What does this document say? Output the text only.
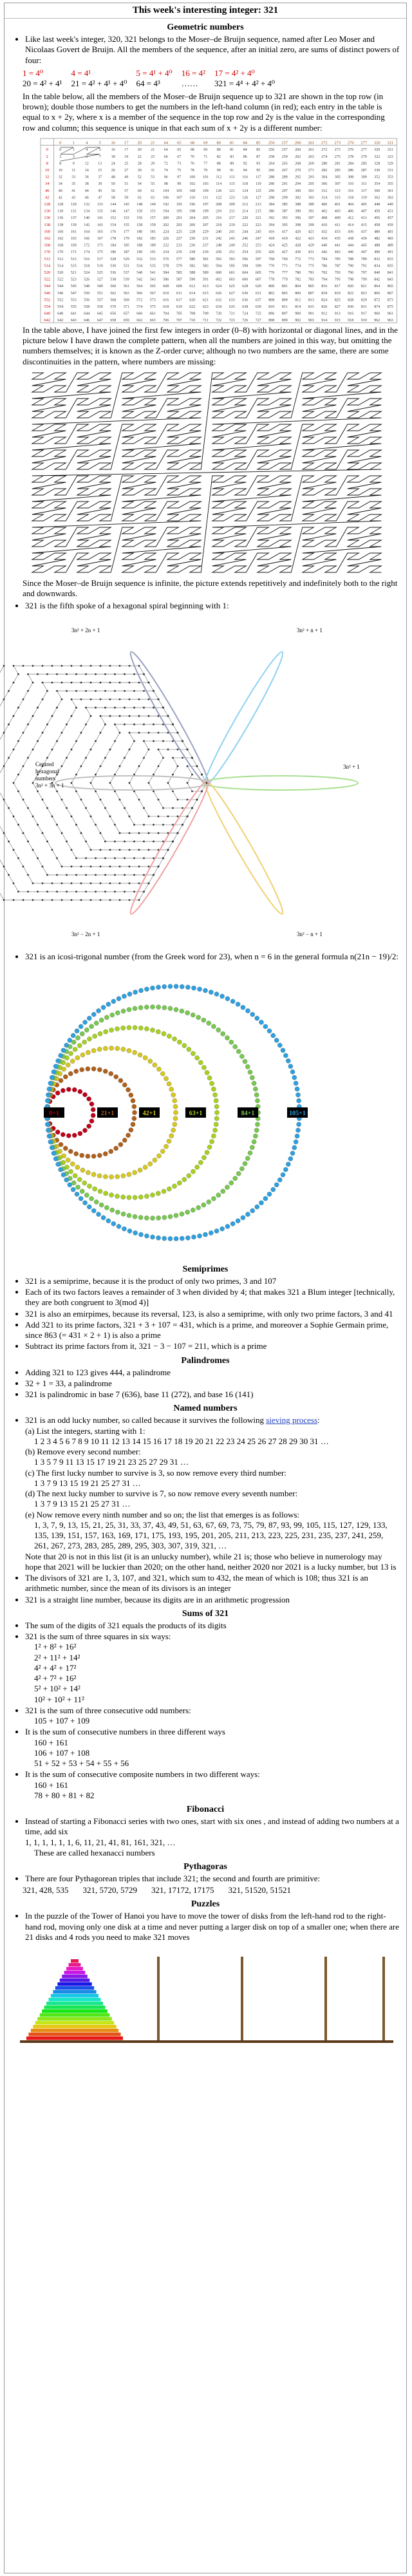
This week's interesting integer: 321
Geometric numbers
• Like last week's integer, 320, 321 belongs to the Moser–de Bruijn sequence, named after Leo Moser and Nicolaas Govert de Bruijn. All the members of the sequence, after an initial zero, are sums of distinct powers of four:
1 = 4⁰	4 = 4¹	5 = 4¹ + 4⁰ 16 = 4² 17 = 4² + 4⁰
20 = 4² + 4¹ 21 = 4² + 4¹ + 4⁰ 64 = 4³	……	321 = 4⁴ + 4² + 4⁰

In the table below, all the members of the Moser–de Bruijn sequence up to 321 are shown in the top row (in brown); double those numbers to get the numbers in the left-hand column (in red); each entry in the table is equal to x + 2y, where x is a member of the sequence in the top row and 2y is the value in the corresponding row and column; this sequence is unique in that each sum of x + 2y is a different number:

0	1	4	5 16 17 20 21 64 65 68 69 80 81 84 85 256 257 260 261 272 273 276 277 320 321
0	0	1	4	5	16 17 20 21 64 65 68 69 80 81 84 85 256 257 260 261 272 273 276 277 320 321
2	2	3	6	7	18 19 22 23 66 67 70 71 82 83 86 87 258 259 262 263 274 275 278 279 322 323
8	8	9	12 13 24 25 28 29 72 73 76 77 88 89 92 93 264 265 268 269 280 281 284 285 328 329
10 10 11 14 15 26 27 30 31 74 75 78 79 90 91 94 95 266 267 270 271 282 283 286 287 330 331
32 32 33 36 37 48 49 52 53 96 97 100 101 112 113 116 117 288 289 292 293 304 305 308 309 352 353
34 34 35 38 39 50 51 54 55 98 99 102 103 114 115 118 119 290 291 294 295 306 307 310 311 354 355
40 40 41 44 45 56 57 60 61 104 105 108 109 120 121 124 125 296 297 300 301 312 313 316 317 360 361
42 42 43 46 47 58 59 62 63 106 107 110 111 122 123 126 127 298 299 302 303 314 315 318 319 362 363
128 128 129 132 133 144 145 148 149 192 193 196 197 208 209 212 213 384 385 388 389 400 401 404 405 448 449
130 130 131 134 135 146 147 150 151 194 195 198 199 210 211 214 215 386 387 390 391 402 403 406 407 450 451
136 136 137 140 141 152 153 156 157 200 201 204 205 216 217 220 221 392 393 396 397 408 409 412 413 456 457
138 138 139 142 143 154 155 158 159 202 203 206 207 218 219 222 223 394 395 398 399 410 411 414 415 458 459
160 160 161 164 165 176 177 180 181 224 225 228 229 240 241 244 245 416 417 420 421 432 433 436 437 480 481
162 162 163 166 167 178 179 182 183 226 227 230 231 242 243 246 247 418 419 422 423 434 435 438 439 482 483
168 168 169 172 173 184 185 188 189 232 233 236 237 248 249 252 253 424 425 428 429 440 441 444 445 488 489
170 170 171 174 175 186 187 190 191 234 235 238 239 250 251 254 255 426 427 430 431 442 443 446 447 490 491
512 512 513 516 517 528 529 532 533 576 577 580 581 592 593 596 597 768 769 772 773 784 785 788 789 832 833
514 514 515 518 519 530 531 534 535 578 579 582 583 594 595 598 599 770 771 774 775 786 787 790 791 834 835
520 520 521 524 525 536 537 540 541 584 585 588 589 600 601 604 605 776 777 780 781 792 793 796 797 840 841
522 522 523 526 527 538 539 542 543 586 587 590 591 602 603 606 607 778 779 782 783 794 795 798 799 842 843
544 544 545 548 549 560 561 564 565 608 609 612 613 624 625 628 629 800 801 804 805 816 817 820 821 864 865
546 546 547 550 551 562 563 566 567 610 611 614 615 626 627 630 631 802 803 806 807 818 819 822 823 866 867
552 552 553 556 557 568 569 572 573 616 617 620 621 632 633 636 637 808 809 812 813 824 825 828 829 872 873
554 554 555 558 559 570 571 574 575 618 619 622 623 634 635 638 639 810 811 814 815 826 827 830 831 874 875
640 640 641 644 645 656 657 660 661 704 705 708 709 720 721 724 725 896 897 900 901 912 913 916 917 960 961
642 642 643 646 647 658 659 662 663 706 707 710 711 722 723 726 727 898 899 902 903 914 915 918 919 962 963

In the table above, I have joined the first few integers in order (0–8) with horizontal or diagonal lines, and in the picture below I have drawn the complete pattern, when all the numbers are joined in this way, but omitting the numbers themselves; it is known as the Z-order curve; although no two numbers are the same, there are some discontinuities in the pattern, where numbers are missing:

Since the Moser–de Bruijn sequence is infinite, the picture extends repetitively and indefinitely both to the right and downwards.

• 321 is the fifth spoke of a hexagonal spiral beginning with 1:
3n² + 2n + 1	3n² + n + 1
3n² + 1
3n² − n + 1
3n² − 2n + 1
Centred hexagonal numbers 3n² + 3n + 1
• 321 is an icosi-trigonal number (from the Greek word for 23), when n = 6 in the general formula n(21n − 19)/2:
0+1	21+1	42+1	63+1	84+1	105+1
Semiprimes
• 321 is a semiprime, because it is the product of only two primes, 3 and 107
• Each of its two factors leaves a remainder of 3 when divided by 4; that makes 321 a Blum integer [technically, they are both congruent to 3(mod 4)]
• 321 is also an emirpimes, because its reversal, 123, is also a semiprime, with only two prime factors, 3 and 41
• Add 321 to its prime factors, 321 + 3 + 107 = 431, which is a prime, and moreover a Sophie Germain prime, since 863 (= 431 × 2 + 1) is also a prime
• Subtract its prime factors from it, 321 − 3 − 107 = 211, which is a prime
Palindromes
• Adding 321 to 123 gives 444, a palindrome
• 32 + 1 = 33, a palindrome
• 321 is palindromic in base 7 (636), base 11 (272), and base 16 (141)
Named numbers
• 321 is an odd lucky number, so called because it survives the following sieving process:
(a) List the integers, starting with 1:
1 2 3 4 5 6 7 8 9 10 11 12 13 14 15 16 17 18 19 20 21 22 23 24 25 26 27 28 29 30 31 …
(b) Remove every second number:
1 3 5 7 9 11 13 15 17 19 21 23 25 27 29 31 …
(c) The first lucky number to survive is 3, so now remove every third number:
1 3 7 9 13 15 19 21 25 27 31 …
(d) The next lucky number to survive is 7, so now remove every seventh number:
1 3 7 9 13 15 21 25 27 31 …
(e) Now remove every ninth number and so on; the list that emerges is as follows:
1, 3, 7, 9, 13, 15, 21, 25, 31, 33, 37, 43, 49, 51, 63, 67, 69, 73, 75, 79, 87, 93, 99, 105, 115, 127, 129, 133, 135, 139, 151, 157, 163, 169, 171, 175, 193, 195, 201, 205, 211, 213, 223, 225, 231, 235, 237, 241, 259, 261, 267, 273, 283, 285, 289, 295, 303, 307, 319, 321, …
Note that 20 is not in this list (it is an unlucky number), while 21 is; those who believe in numerology may hope that 2021 will be luckier than 2020; on the other hand, neither 2020 nor 2021 is a lucky number, but 13 is
• The divisors of 321 are 1, 3, 107, and 321, which sum to 432, the mean of which is 108; thus 321 is an arithmetic number, since the mean of its divisors is an integer
• 321 is a straight line number, because its digits are in an arithmetic progression
Sums of 321
• The sum of the digits of 321 equals the products of its digits
• 321 is the sum of three squares in six ways:
1² + 8² + 16²
2² + 11² + 14²
4² + 4² + 17²
4² + 7² + 16²
5² + 10² + 14²
10² + 10² + 11²
• 321 is the sum of three consecutive odd numbers:
105 + 107 + 109
• It is the sum of consecutive numbers in three different ways
160 + 161
106 + 107 + 108
51 + 52 + 53 + 54 + 55 + 56
• It is the sum of consecutive composite numbers in two different ways:
160 + 161
78 + 80 + 81 + 82
Fibonacci
• Instead of starting a Fibonacci series with two ones, start with six ones , and instead of adding two numbers at a time, add six
1, 1, 1, 1, 1, 1, 6, 11, 21, 41, 81, 161, 321, …
These are called hexanacci numbers
Pythagoras
• There are four Pythagorean triples that include 321; the second and fourth are primitive:
321, 428, 535 321, 5720, 5729 321, 17172, 17175 321, 51520, 51521
Puzzles
• In the puzzle of the Tower of Hanoi you have to move the tower of disks from the left-hand rod to the right-hand rod, moving only one disk at a time and never putting a larger disk on top of a smaller one; when there are 21 disks and 4 rods you need to make 321 moves
